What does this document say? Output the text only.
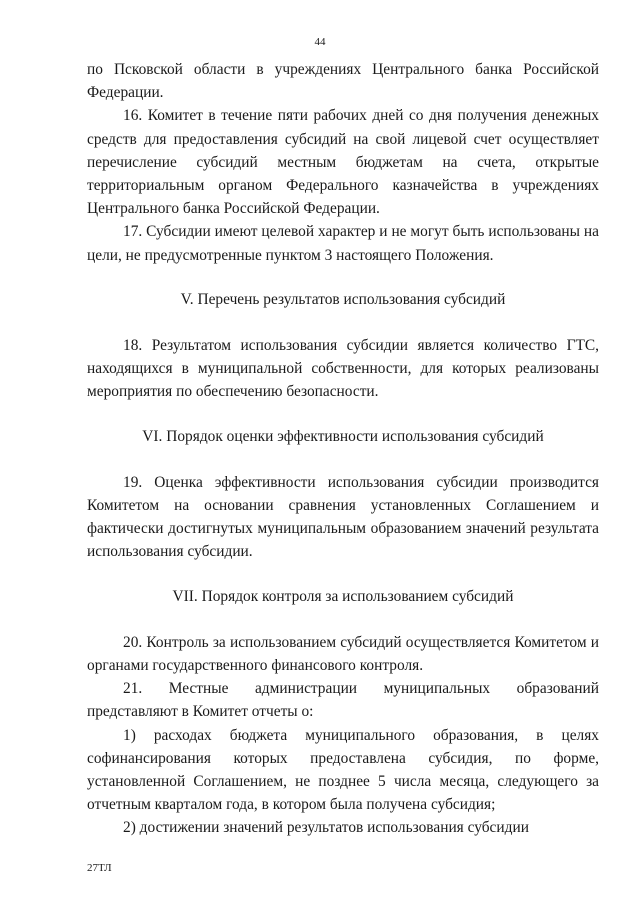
44

по Псковской области в учреждениях Центрального банка Российской Федерации.

16. Комитет в течение пяти рабочих дней со дня получения денежных средств для предоставления субсидий на свой лицевой счет осуществляет перечисление субсидий местным бюджетам на счета, открытые территориальным органом Федерального казначейства в учреждениях Центрального банка Российской Федерации.

17. Субсидии имеют целевой характер и не могут быть использованы на цели, не предусмотренные пунктом 3 настоящего Положения.

V. Перечень результатов использования субсидий

18. Результатом использования субсидии является количество ГТС, находящихся в муниципальной собственности, для которых реализованы мероприятия по обеспечению безопасности.

VI. Порядок оценки эффективности использования субсидий

19. Оценка эффективности использования субсидии производится Комитетом на основании сравнения установленных Соглашением и фактически достигнутых муниципальным образованием значений результата использования субсидии.

VII. Порядок контроля за использованием субсидий

20. Контроль за использованием субсидий осуществляется Комитетом и органами государственного финансового контроля.

21. Местные администрации муниципальных образований представляют в Комитет отчеты о:

1) расходах бюджета муниципального образования, в целях софинансирования которых предоставлена субсидия, по форме, установленной Соглашением, не позднее 5 числа месяца, следующего за отчетным кварталом года, в котором была получена субсидия;

2) достижении значений результатов использования субсидии

27ТЛ
